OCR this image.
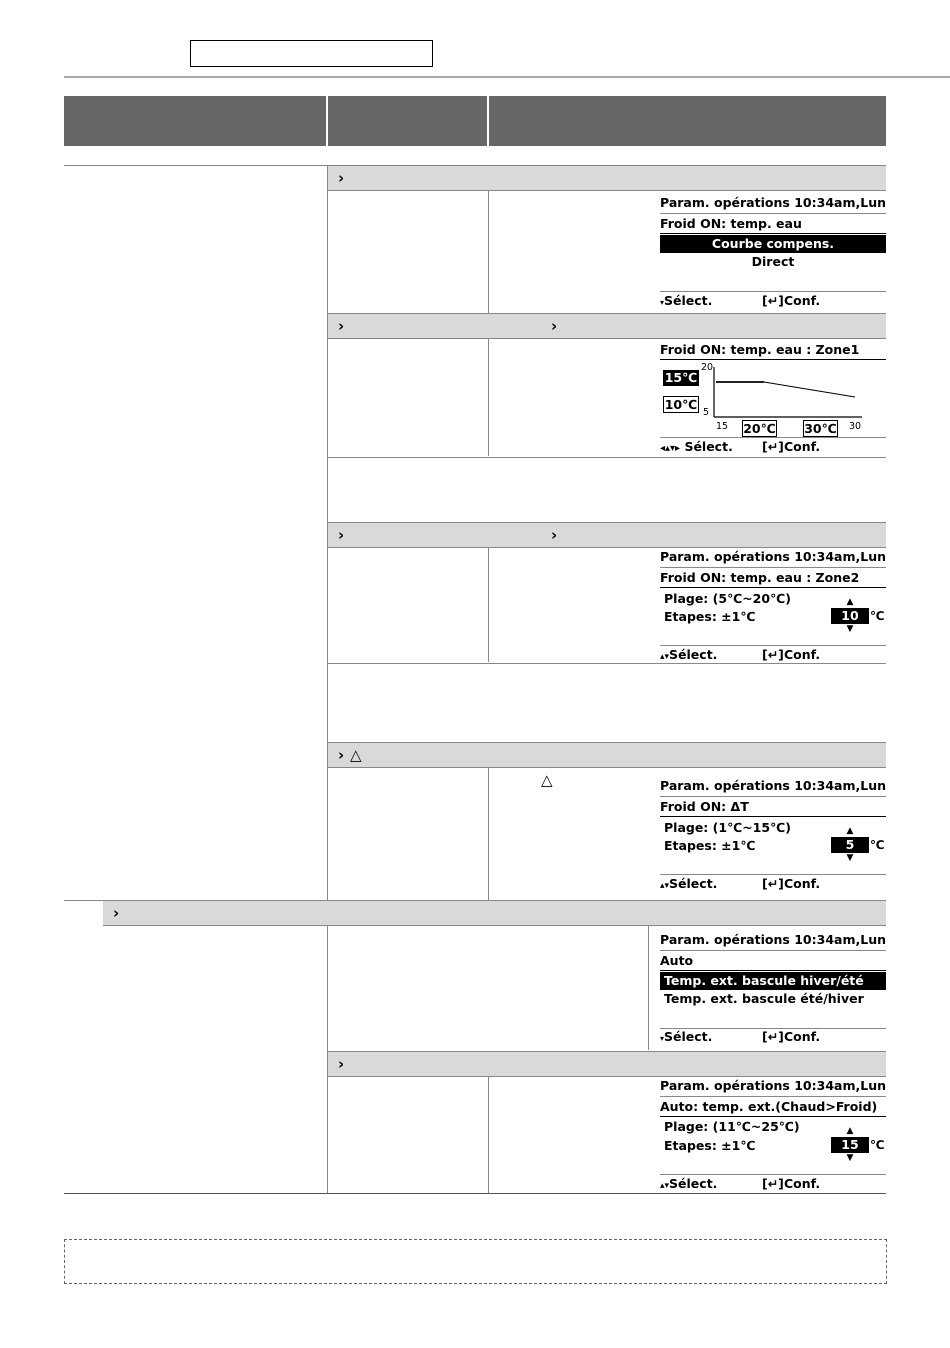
›
Param. opérations 10:34am,Lun
Froid ON: temp. eau
Courbe compens.
Direct
▾Sélect.	[↵] Conf.
›	›
Froid ON: temp. eau : Zone1
15℃
10℃
20
5
15 20℃ 30℃ 30
◂▴▾▸ Sélect. [↵] Conf.
›	›
Param. opérations 10:34am,Lun
Froid ON: temp. eau : Zone2
Plage: (5℃~20℃)
Etapes: ±1℃
▲
10 ℃
▼
▴▾Sélect.	[↵] Conf.
› △
△	Param. opérations 10:34am,Lun
Froid ON: ΔT
Plage: (1℃~15℃)
Etapes: ±1℃
▲
5	℃
▼
▴▾Sélect.	[↵] Conf.
›
Param. opérations 10:34am,Lun
Auto
Temp. ext. bascule hiver/été
Temp. ext. bascule été/hiver
▾Sélect.	[↵] Conf.
›
Param. opérations 10:34am,Lun
Auto: temp. ext.(Chaud>Froid)
Plage: (11℃~25℃)
Etapes: ±1℃
▲
15 ℃
▼
▴▾Sélect.	[↵] Conf.
